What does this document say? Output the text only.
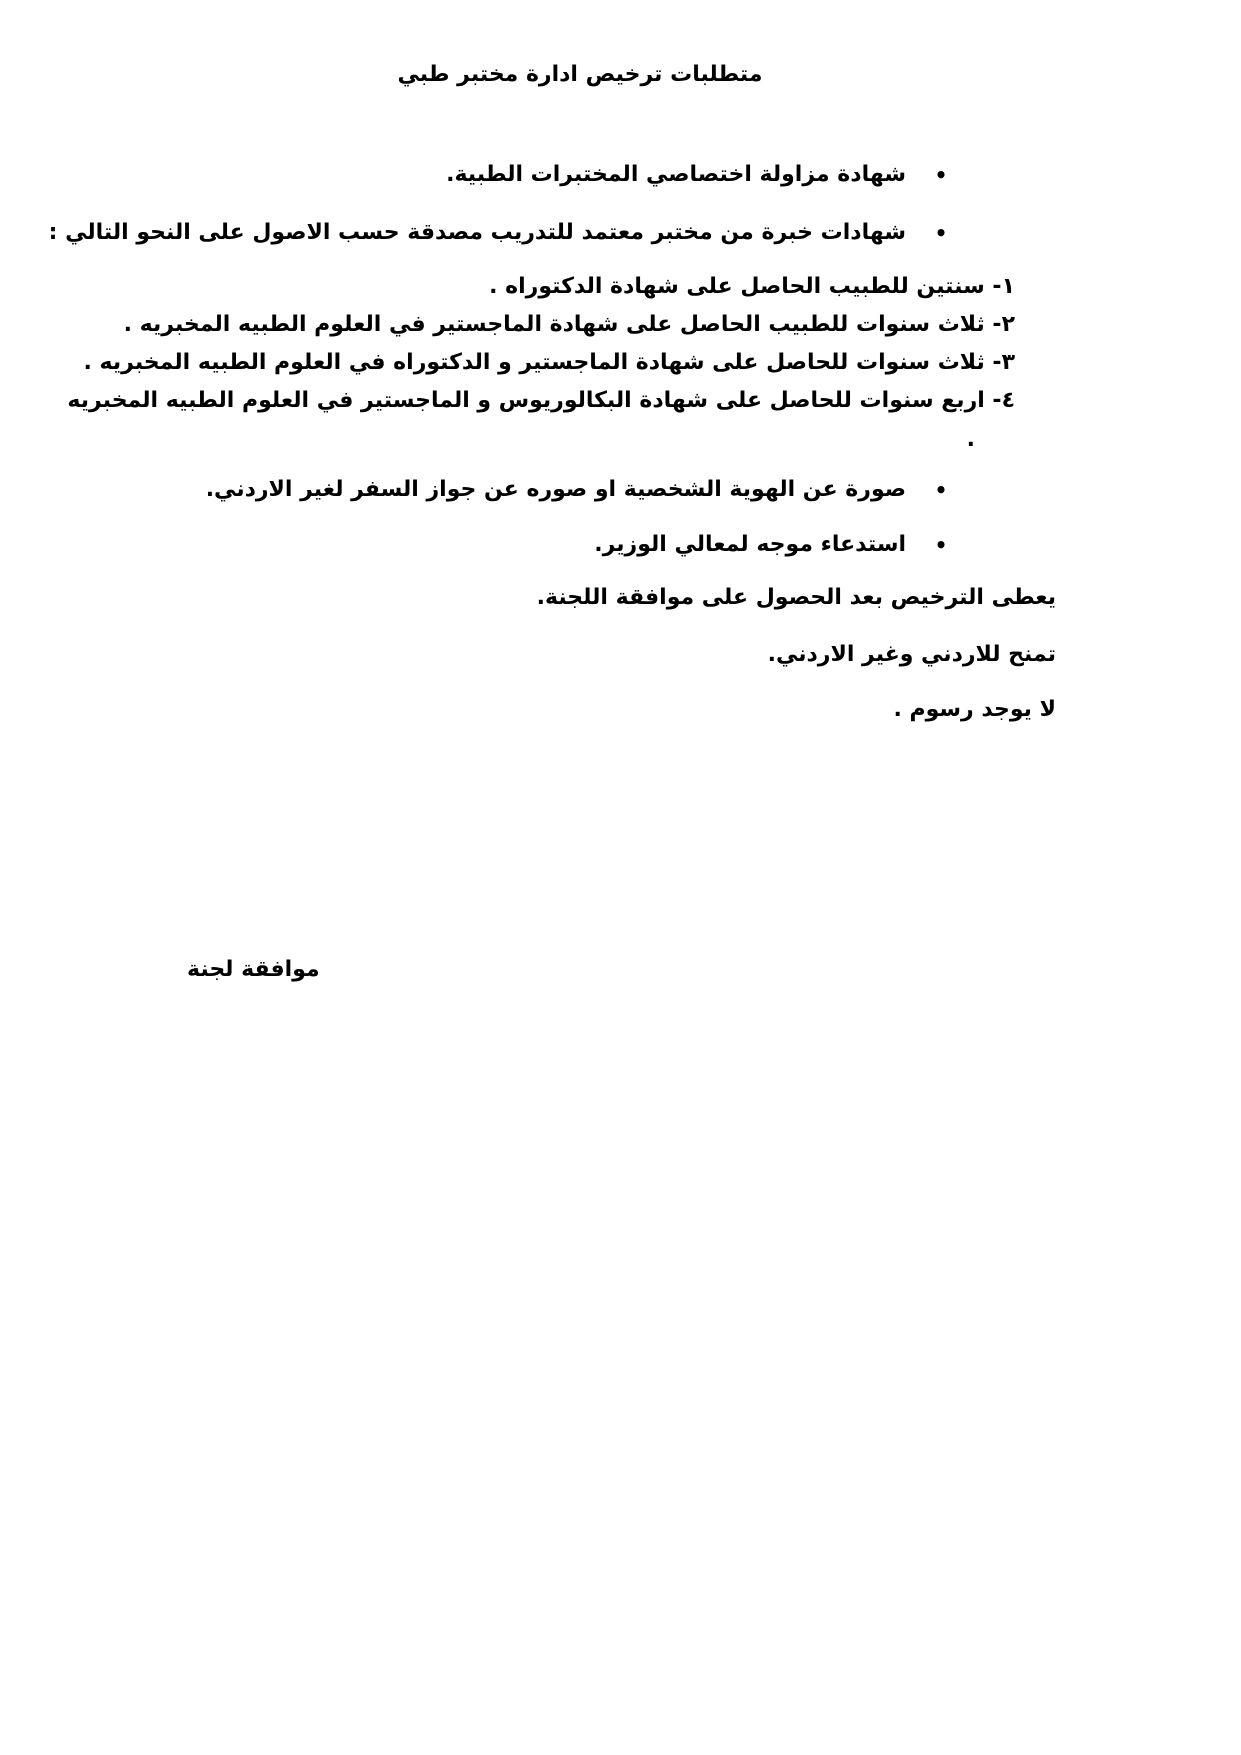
متطلبات ترخيص ادارة مختبر طبي
•
شهادة مزاولة اختصاصي المختبرات الطبية.
•
شهادات خبرة من مختبر معتمد للتدريب مصدقة حسب الاصول على النحو التالي :
١- سنتين للطبيب الحاصل على شهادة الدكتوراه .
٢- ثلاث سنوات للطبيب الحاصل على شهادة الماجستير في العلوم الطبيه المخبريه .
٣- ثلاث سنوات للحاصل على شهادة الماجستير و الدكتوراه في العلوم الطبيه المخبريه .
٤- اربع سنوات للحاصل على شهادة البكالوريوس و الماجستير في العلوم الطبيه المخبريه
.
•
صورة عن الهوية الشخصية او صوره عن جواز السفر لغير الاردني.
•
استدعاء موجه لمعالي الوزير.
يعطى الترخيص بعد الحصول على موافقة اللجنة.
تمنح للاردني وغير الاردني.
لا يوجد رسوم .
موافقة لجنة
